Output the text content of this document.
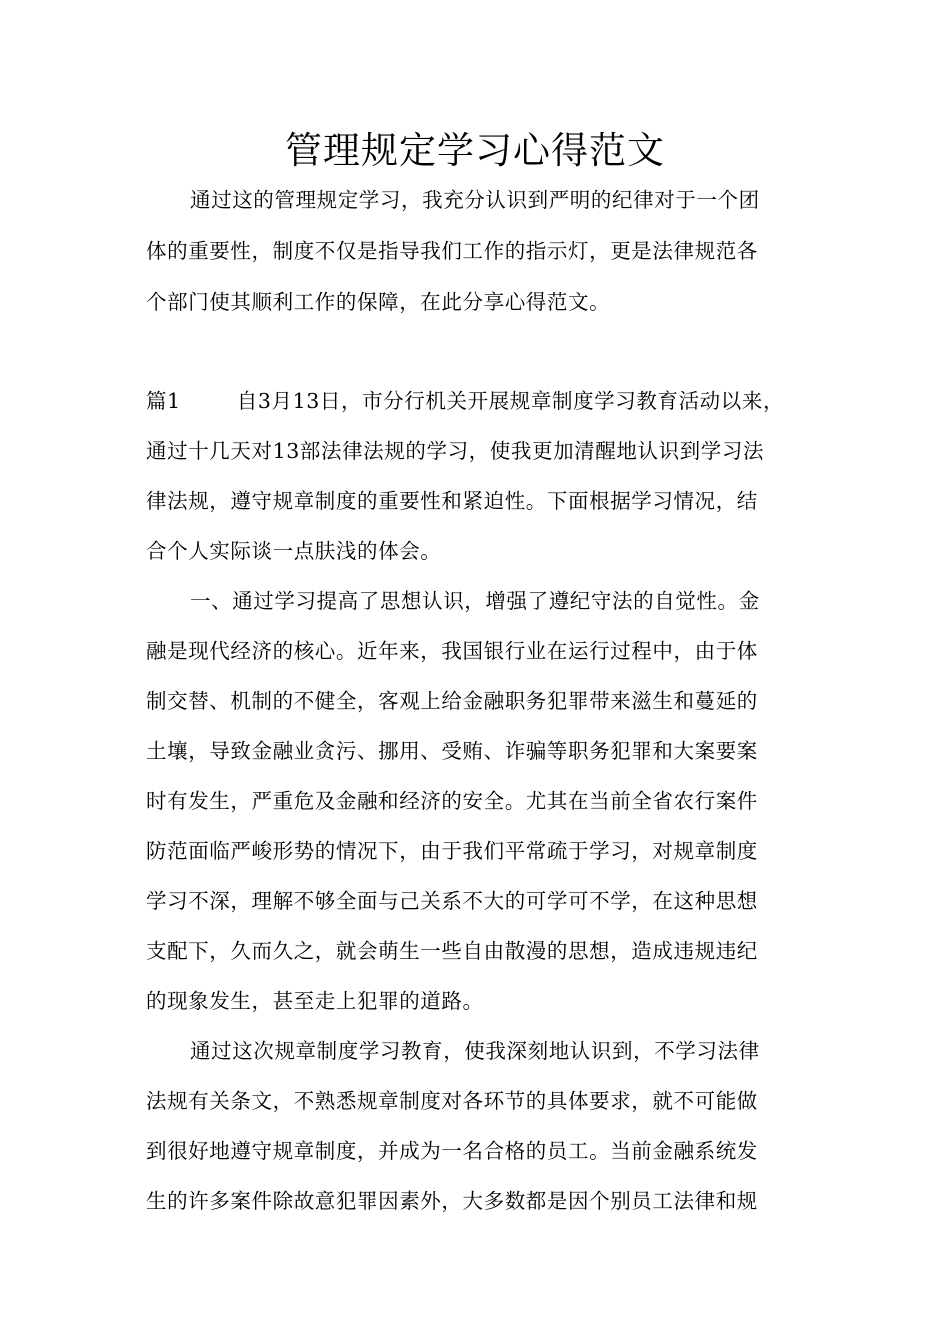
管理规定学习心得范文
通过这的管理规定学习，我充分认识到严明的纪律对于一个团
体的重要性，制度不仅是指导我们工作的指示灯，更是法律规范各
个部门使其顺利工作的保障，在此分享心得范文。
篇1	自3月13日，市分行机关开展规章制度学习教育活动以来，
通过十几天对13部法律法规的学习，使我更加清醒地认识到学习法
律法规，遵守规章制度的重要性和紧迫性。下面根据学习情况，结
合个人实际谈一点肤浅的体会。
一、通过学习提高了思想认识，增强了遵纪守法的自觉性。金
融是现代经济的核心。近年来，我国银行业在运行过程中，由于体
制交替、机制的不健全，客观上给金融职务犯罪带来滋生和蔓延的
土壤，导致金融业贪污、挪用、受贿、诈骗等职务犯罪和大案要案
时有发生，严重危及金融和经济的安全。尤其在当前全省农行案件
防范面临严峻形势的情况下，由于我们平常疏于学习，对规章制度
学习不深，理解不够全面与己关系不大的可学可不学，在这种思想
支配下，久而久之，就会萌生一些自由散漫的思想，造成违规违纪
的现象发生，甚至走上犯罪的道路。
通过这次规章制度学习教育，使我深刻地认识到，不学习法律
法规有关条文，不熟悉规章制度对各环节的具体要求，就不可能做
到很好地遵守规章制度，并成为一名合格的员工。当前金融系统发
生的许多案件除故意犯罪因素外，大多数都是因个别员工法律和规
